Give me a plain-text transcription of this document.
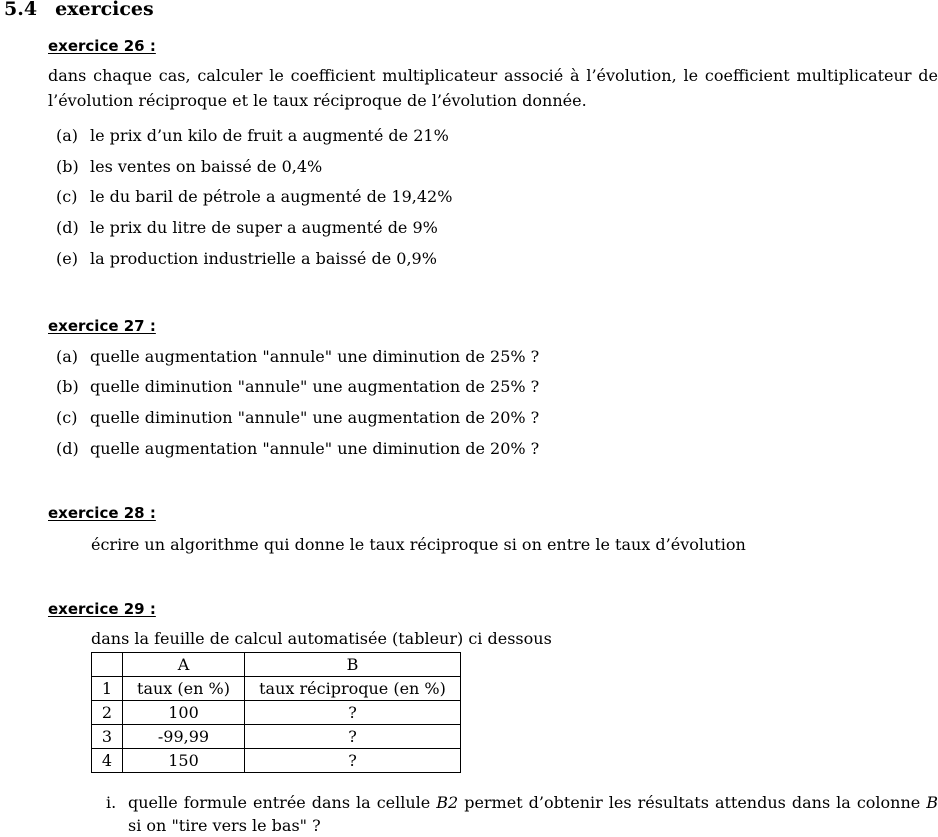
5.4 exercices
exercice 26 :
dans chaque cas, calculer le coefficient multiplicateur associé à l’évolution, le coefficient multiplicateur de l’évolution réciproque et le taux réciproque de l’évolution donnée.
(a) le prix d’un kilo de fruit a augmenté de 21%
(b) les ventes on baissé de 0,4%
(c) le du baril de pétrole a augmenté de 19,42%
(d) le prix du litre de super a augmenté de 9%
(e) la production industrielle a baissé de 0,9%
exercice 27 :
(a) quelle augmentation "annule" une diminution de 25% ?
(b) quelle diminution "annule" une augmentation de 25% ?
(c) quelle diminution "annule" une augmentation de 20% ?
(d) quelle augmentation "annule" une diminution de 20% ?
exercice 28 :
écrire un algorithme qui donne le taux réciproque si on entre le taux d’évolution
exercice 29 :
dans la feuille de calcul automatisée (tableur) ci dessous
	A	B
1	taux (en %)	taux réciproque (en %)
2	100	?
3	-99,99	?
4	150	?
i. quelle formule entrée dans la cellule B2 permet d’obtenir les résultats attendus dans la colonne B si on "tire vers le bas" ?
